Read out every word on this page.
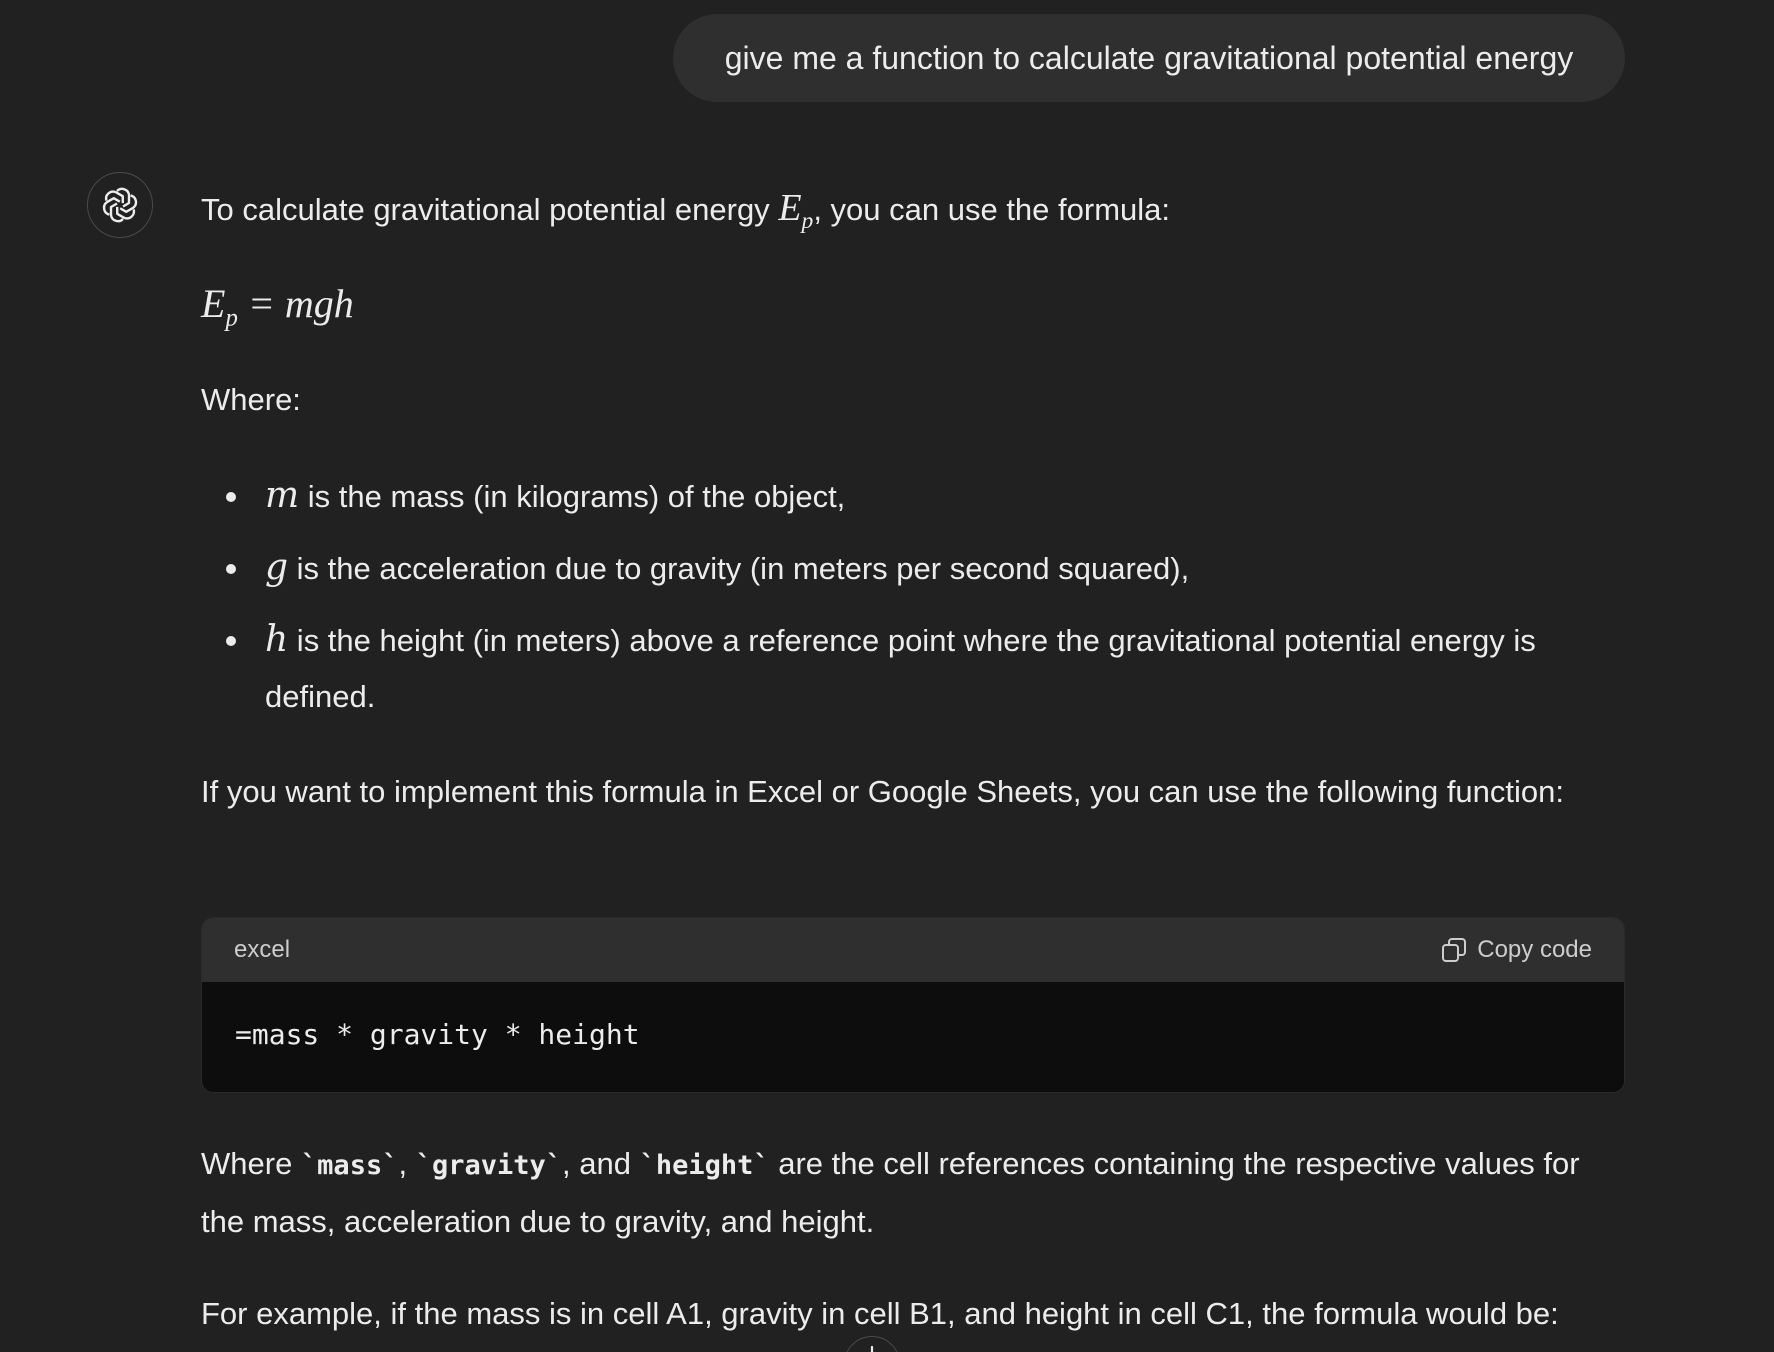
give me a function to calculate gravitational potential energy
To calculate gravitational potential energy $E_p$, you can use the formula:
$E_p$ = mgh
Where:
m is the mass (in kilograms) of the object,
g is the acceleration due to gravity (in meters per second squared),
h is the height (in meters) above a reference point where the gravitational potential energy is defined.
If you want to implement this formula in Excel or Google Sheets, you can use the following function:
Where `mass`, `gravity`, and `height` are the cell references containing the respective values for the mass, acceleration due to gravity, and height.
For example, if the mass is in cell A1, gravity in cell B1, and height in cell C1, the formula would be:
excel	Copy code
=mass * gravity * height
